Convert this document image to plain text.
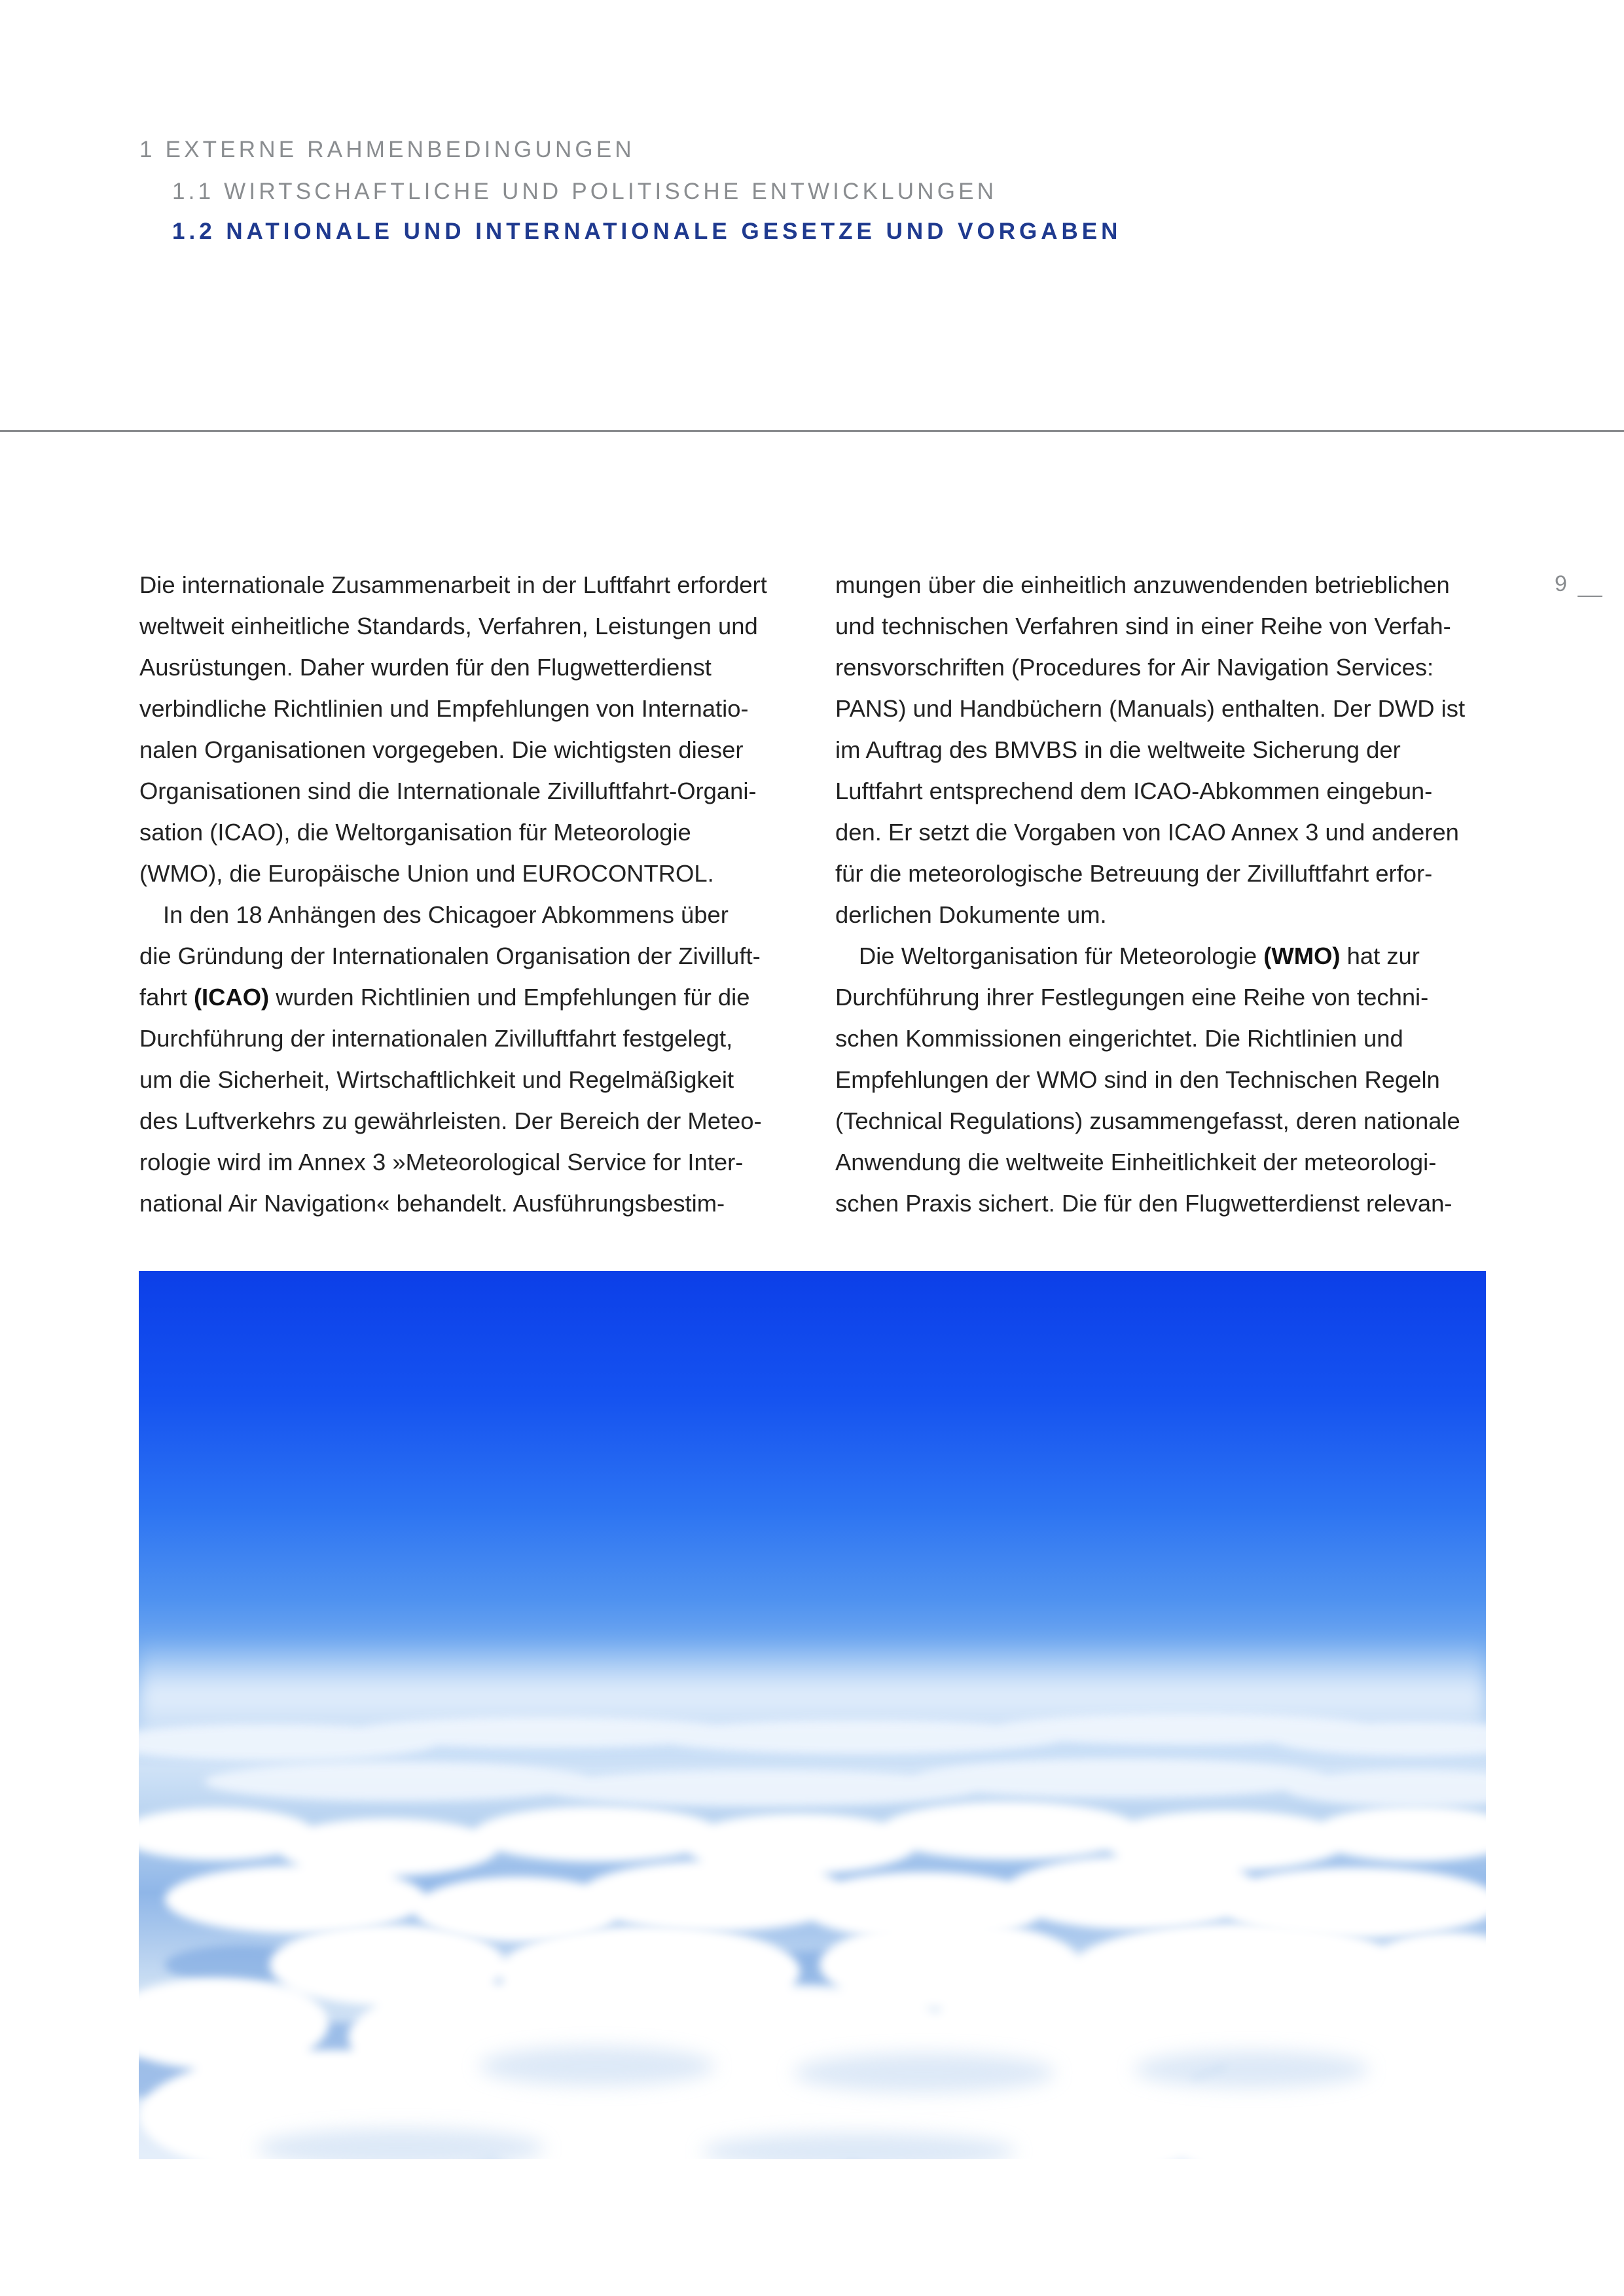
1 EXTERNE RAHMENBEDINGUNGEN
1.1 WIRTSCHAFTLICHE UND POLITISCHE ENTWICKLUNGEN
1.2 NATIONALE UND INTERNATIONALE GESETZE UND VORGABEN
9
Die internationale Zusammenarbeit in der Luftfahrt erfordert
weltweit einheitliche Standards, Verfahren, Leistungen und
Ausrüstungen. Daher wurden für den Flugwetterdienst
verbindliche Richtlinien und Empfehlungen von Internatio-
nalen Organisationen vorgegeben. Die wichtigsten dieser
Organisationen sind die Internationale Zivilluftfahrt-Organi-
sation (ICAO), die Weltorganisation für Meteorologie
(WMO), die Europäische Union und EUROCONTROL.
In den 18 Anhängen des Chicagoer Abkommens über
die Gründung der Internationalen Organisation der Zivilluft-
fahrt (ICAO) wurden Richtlinien und Empfehlungen für die
Durchführung der internationalen Zivilluftfahrt festgelegt,
um die Sicherheit, Wirtschaftlichkeit und Regelmäßigkeit
des Luftverkehrs zu gewährleisten. Der Bereich der Meteo-
rologie wird im Annex 3 »Meteorological Service for Inter-
national Air Navigation« behandelt. Ausführungsbestim-
mungen über die einheitlich anzuwendenden betrieblichen
und technischen Verfahren sind in einer Reihe von Verfah-
rensvorschriften (Procedures for Air Navigation Services:
PANS) und Handbüchern (Manuals) enthalten. Der DWD ist
im Auftrag des BMVBS in die weltweite Sicherung der
Luftfahrt entsprechend dem ICAO-Abkommen eingebun-
den. Er setzt die Vorgaben von ICAO Annex 3 und anderen
für die meteorologische Betreuung der Zivilluftfahrt erfor-
derlichen Dokumente um.
Die Weltorganisation für Meteorologie (WMO) hat zur
Durchführung ihrer Festlegungen eine Reihe von techni-
schen Kommissionen eingerichtet. Die Richtlinien und
Empfehlungen der WMO sind in den Technischen Regeln
(Technical Regulations) zusammengefasst, deren nationale
Anwendung die weltweite Einheitlichkeit der meteorologi-
schen Praxis sichert. Die für den Flugwetterdienst relevan-
